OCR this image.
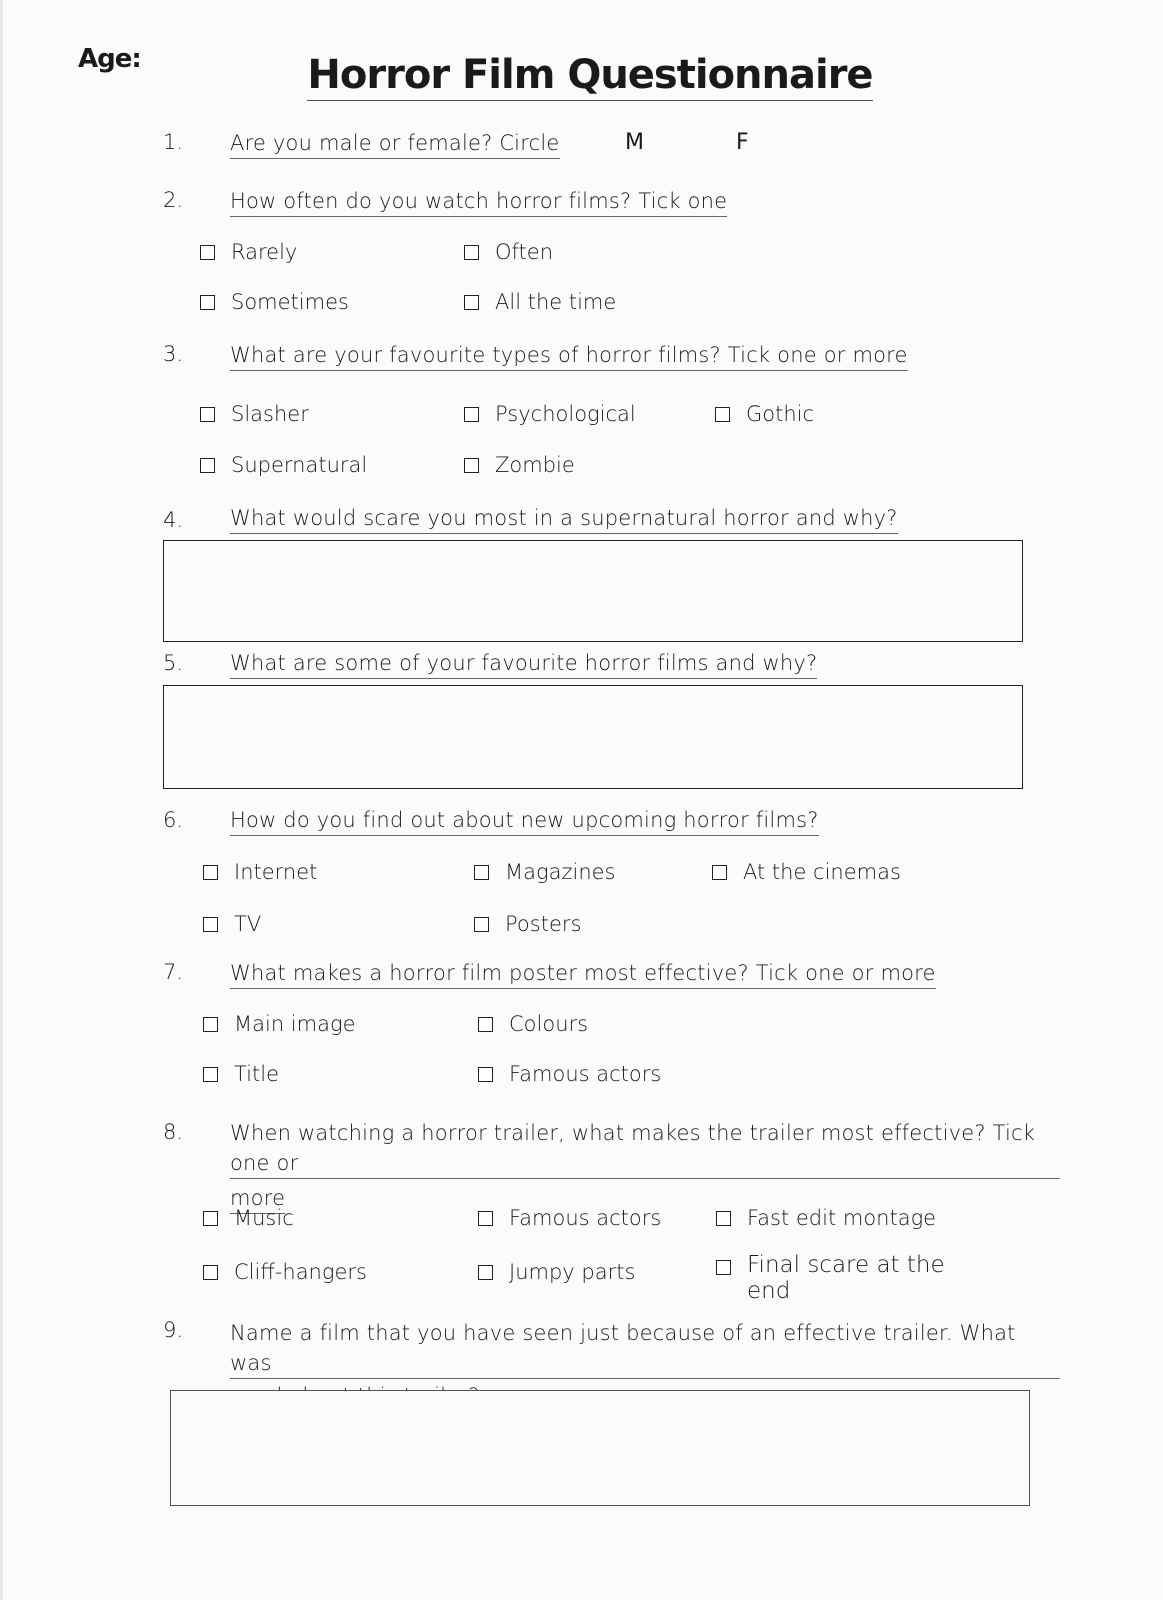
Age:	Horror Film Questionnaire
1. Are you male or female? Circle	M	F
2. How often do you watch horror films? Tick one
Rarely	Often
Sometimes	All the time
3. What are your favourite types of horror films? Tick one or more
Slasher	Psychological	Gothic
Supernatural	Zombie
4. What would scare you most in a supernatural horror and why?
5. What are some of your favourite horror films and why?
6. How do you find out about new upcoming horror films?
Internet	Magazines	At the cinemas
TV	Posters
7. What makes a horror film poster most effective? Tick one or more
Main image	Colours
Title	Famous actors
8. When watching a horror trailer, what makes the trailer most effective? Tick one or
more
Music	Famous actors	Fast edit montage
Cliff-hangers	Jumpy parts	Final scare at the end
9. Name a film that you have seen just because of an effective trailer. What was
